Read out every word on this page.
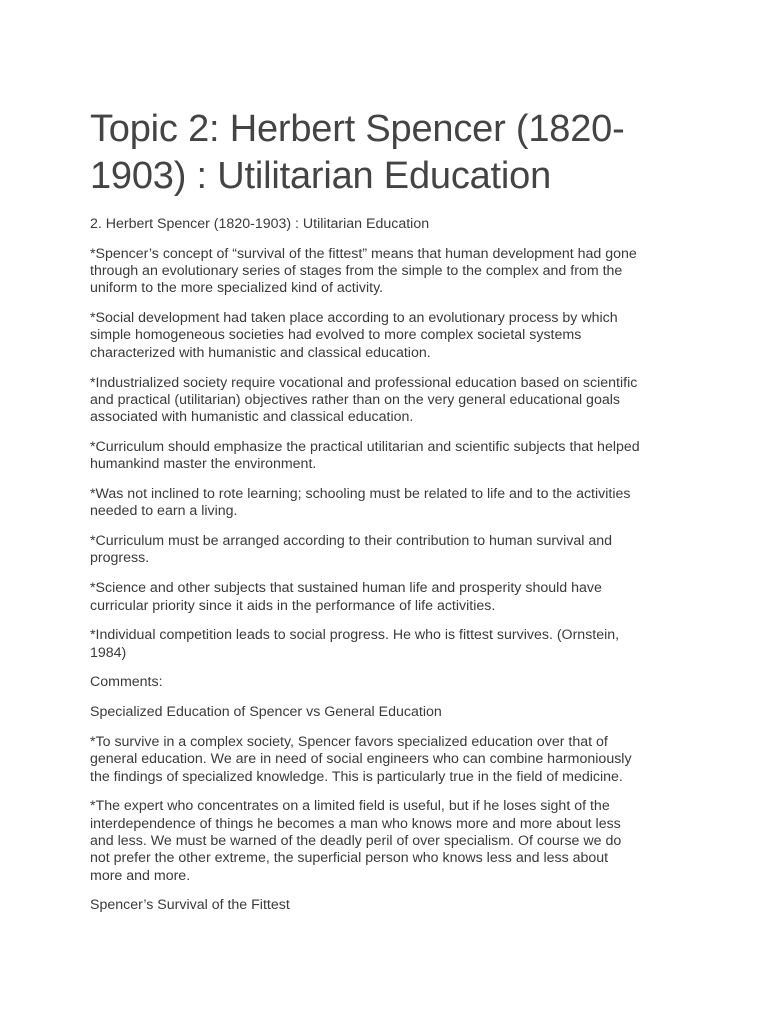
Topic 2: Herbert Spencer (1820-
1903) : Utilitarian Education

2. Herbert Spencer (1820-1903) : Utilitarian Education

*Spencer’s concept of “survival of the fittest” means that human development had gone
through an evolutionary series of stages from the simple to the complex and from the
uniform to the more specialized kind of activity.

*Social development had taken place according to an evolutionary process by which
simple homogeneous societies had evolved to more complex societal systems
characterized with humanistic and classical education.

*Industrialized society require vocational and professional education based on scientific
and practical (utilitarian) objectives rather than on the very general educational goals
associated with humanistic and classical education.

*Curriculum should emphasize the practical utilitarian and scientific subjects that helped
humankind master the environment.

*Was not inclined to rote learning; schooling must be related to life and to the activities
needed to earn a living.

*Curriculum must be arranged according to their contribution to human survival and
progress.

*Science and other subjects that sustained human life and prosperity should have
curricular priority since it aids in the performance of life activities.

*Individual competition leads to social progress. He who is fittest survives. (Ornstein,
1984)

Comments:

Specialized Education of Spencer vs General Education

*To survive in a complex society, Spencer favors specialized education over that of
general education. We are in need of social engineers who can combine harmoniously
the findings of specialized knowledge. This is particularly true in the field of medicine.

*The expert who concentrates on a limited field is useful, but if he loses sight of the
interdependence of things he becomes a man who knows more and more about less
and less. We must be warned of the deadly peril of over specialism. Of course we do
not prefer the other extreme, the superficial person who knows less and less about
more and more.

Spencer’s Survival of the Fittest
